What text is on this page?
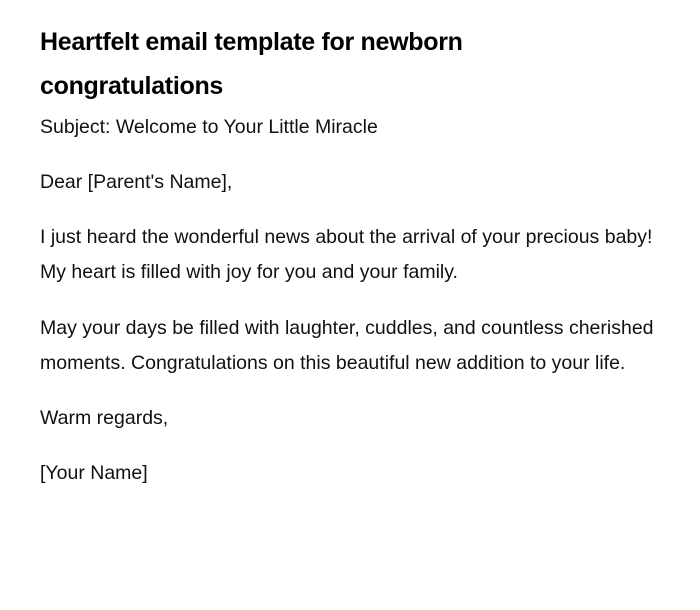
Heartfelt email template for newborn congratulations

Subject: Welcome to Your Little Miracle

Dear [Parent's Name],

I just heard the wonderful news about the arrival of your precious baby! My heart is filled with joy for you and your family.

May your days be filled with laughter, cuddles, and countless cherished moments. Congratulations on this beautiful new addition to your life.

Warm regards,

[Your Name]
